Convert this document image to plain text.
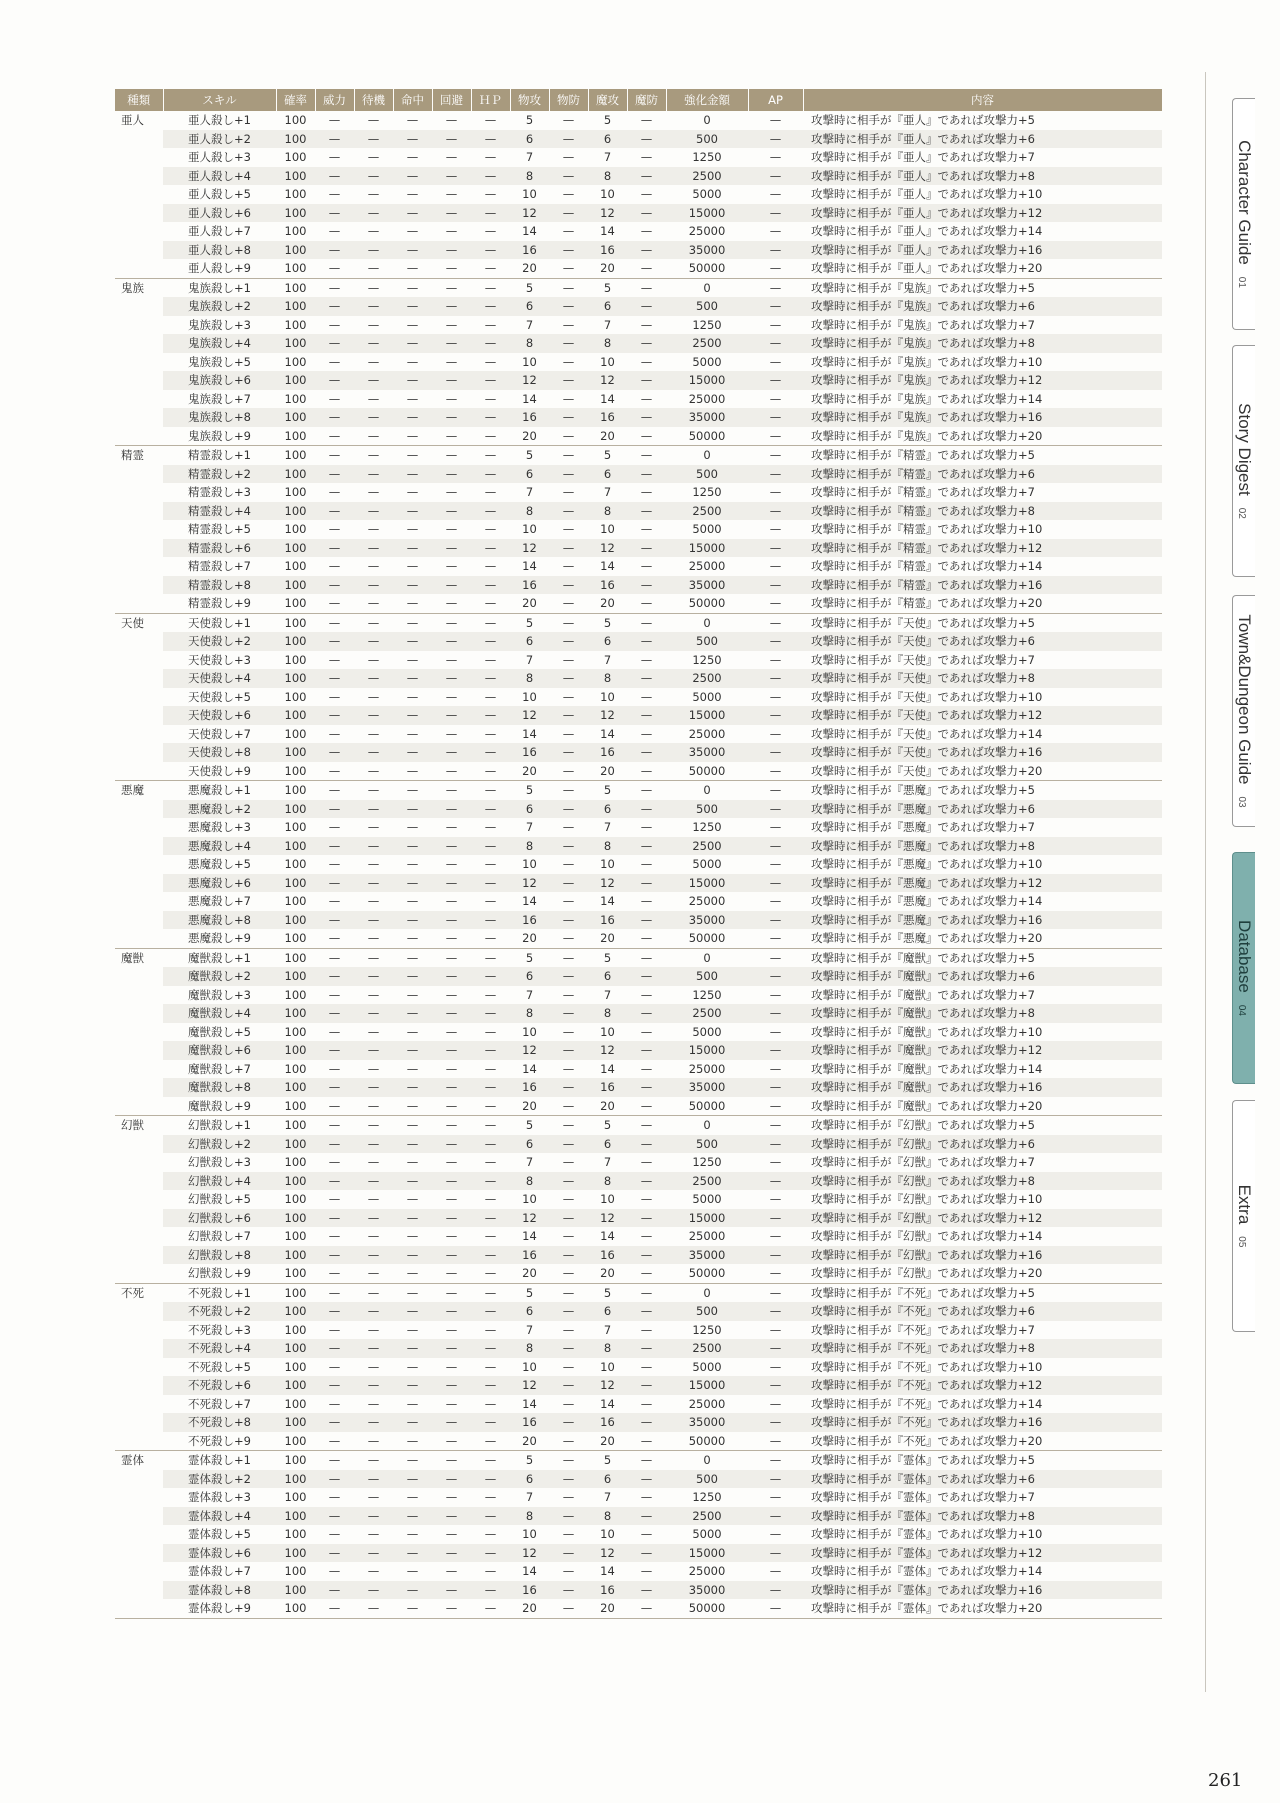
種類	スキル	確率	威力	待機	命中	回避	ＨＰ	物攻	物防	魔攻	魔防	強化金額	AP	内容
亜人	亜人殺し+1	100	—	—	—	—	—	5	—	5	—	0	—	攻撃時に相手が『亜人』であれば攻撃力+5
	亜人殺し+2	100	—	—	—	—	—	6	—	6	—	500	—	攻撃時に相手が『亜人』であれば攻撃力+6
	亜人殺し+3	100	—	—	—	—	—	7	—	7	—	1250	—	攻撃時に相手が『亜人』であれば攻撃力+7
	亜人殺し+4	100	—	—	—	—	—	8	—	8	—	2500	—	攻撃時に相手が『亜人』であれば攻撃力+8
	亜人殺し+5	100	—	—	—	—	—	10	—	10	—	5000	—	攻撃時に相手が『亜人』であれば攻撃力+10
	亜人殺し+6	100	—	—	—	—	—	12	—	12	—	15000	—	攻撃時に相手が『亜人』であれば攻撃力+12
	亜人殺し+7	100	—	—	—	—	—	14	—	14	—	25000	—	攻撃時に相手が『亜人』であれば攻撃力+14
	亜人殺し+8	100	—	—	—	—	—	16	—	16	—	35000	—	攻撃時に相手が『亜人』であれば攻撃力+16
	亜人殺し+9	100	—	—	—	—	—	20	—	20	—	50000	—	攻撃時に相手が『亜人』であれば攻撃力+20
鬼族	鬼族殺し+1	100	—	—	—	—	—	5	—	5	—	0	—	攻撃時に相手が『鬼族』であれば攻撃力+5
	鬼族殺し+2	100	—	—	—	—	—	6	—	6	—	500	—	攻撃時に相手が『鬼族』であれば攻撃力+6
	鬼族殺し+3	100	—	—	—	—	—	7	—	7	—	1250	—	攻撃時に相手が『鬼族』であれば攻撃力+7
	鬼族殺し+4	100	—	—	—	—	—	8	—	8	—	2500	—	攻撃時に相手が『鬼族』であれば攻撃力+8
	鬼族殺し+5	100	—	—	—	—	—	10	—	10	—	5000	—	攻撃時に相手が『鬼族』であれば攻撃力+10
	鬼族殺し+6	100	—	—	—	—	—	12	—	12	—	15000	—	攻撃時に相手が『鬼族』であれば攻撃力+12
	鬼族殺し+7	100	—	—	—	—	—	14	—	14	—	25000	—	攻撃時に相手が『鬼族』であれば攻撃力+14
	鬼族殺し+8	100	—	—	—	—	—	16	—	16	—	35000	—	攻撃時に相手が『鬼族』であれば攻撃力+16
	鬼族殺し+9	100	—	—	—	—	—	20	—	20	—	50000	—	攻撃時に相手が『鬼族』であれば攻撃力+20
精霊	精霊殺し+1	100	—	—	—	—	—	5	—	5	—	0	—	攻撃時に相手が『精霊』であれば攻撃力+5
	精霊殺し+2	100	—	—	—	—	—	6	—	6	—	500	—	攻撃時に相手が『精霊』であれば攻撃力+6
	精霊殺し+3	100	—	—	—	—	—	7	—	7	—	1250	—	攻撃時に相手が『精霊』であれば攻撃力+7
	精霊殺し+4	100	—	—	—	—	—	8	—	8	—	2500	—	攻撃時に相手が『精霊』であれば攻撃力+8
	精霊殺し+5	100	—	—	—	—	—	10	—	10	—	5000	—	攻撃時に相手が『精霊』であれば攻撃力+10
	精霊殺し+6	100	—	—	—	—	—	12	—	12	—	15000	—	攻撃時に相手が『精霊』であれば攻撃力+12
	精霊殺し+7	100	—	—	—	—	—	14	—	14	—	25000	—	攻撃時に相手が『精霊』であれば攻撃力+14
	精霊殺し+8	100	—	—	—	—	—	16	—	16	—	35000	—	攻撃時に相手が『精霊』であれば攻撃力+16
	精霊殺し+9	100	—	—	—	—	—	20	—	20	—	50000	—	攻撃時に相手が『精霊』であれば攻撃力+20
天使	天使殺し+1	100	—	—	—	—	—	5	—	5	—	0	—	攻撃時に相手が『天使』であれば攻撃力+5
	天使殺し+2	100	—	—	—	—	—	6	—	6	—	500	—	攻撃時に相手が『天使』であれば攻撃力+6
	天使殺し+3	100	—	—	—	—	—	7	—	7	—	1250	—	攻撃時に相手が『天使』であれば攻撃力+7
	天使殺し+4	100	—	—	—	—	—	8	—	8	—	2500	—	攻撃時に相手が『天使』であれば攻撃力+8
	天使殺し+5	100	—	—	—	—	—	10	—	10	—	5000	—	攻撃時に相手が『天使』であれば攻撃力+10
	天使殺し+6	100	—	—	—	—	—	12	—	12	—	15000	—	攻撃時に相手が『天使』であれば攻撃力+12
	天使殺し+7	100	—	—	—	—	—	14	—	14	—	25000	—	攻撃時に相手が『天使』であれば攻撃力+14
	天使殺し+8	100	—	—	—	—	—	16	—	16	—	35000	—	攻撃時に相手が『天使』であれば攻撃力+16
	天使殺し+9	100	—	—	—	—	—	20	—	20	—	50000	—	攻撃時に相手が『天使』であれば攻撃力+20
悪魔	悪魔殺し+1	100	—	—	—	—	—	5	—	5	—	0	—	攻撃時に相手が『悪魔』であれば攻撃力+5
	悪魔殺し+2	100	—	—	—	—	—	6	—	6	—	500	—	攻撃時に相手が『悪魔』であれば攻撃力+6
	悪魔殺し+3	100	—	—	—	—	—	7	—	7	—	1250	—	攻撃時に相手が『悪魔』であれば攻撃力+7
	悪魔殺し+4	100	—	—	—	—	—	8	—	8	—	2500	—	攻撃時に相手が『悪魔』であれば攻撃力+8
	悪魔殺し+5	100	—	—	—	—	—	10	—	10	—	5000	—	攻撃時に相手が『悪魔』であれば攻撃力+10
	悪魔殺し+6	100	—	—	—	—	—	12	—	12	—	15000	—	攻撃時に相手が『悪魔』であれば攻撃力+12
	悪魔殺し+7	100	—	—	—	—	—	14	—	14	—	25000	—	攻撃時に相手が『悪魔』であれば攻撃力+14
	悪魔殺し+8	100	—	—	—	—	—	16	—	16	—	35000	—	攻撃時に相手が『悪魔』であれば攻撃力+16
	悪魔殺し+9	100	—	—	—	—	—	20	—	20	—	50000	—	攻撃時に相手が『悪魔』であれば攻撃力+20
魔獣	魔獣殺し+1	100	—	—	—	—	—	5	—	5	—	0	—	攻撃時に相手が『魔獣』であれば攻撃力+5
	魔獣殺し+2	100	—	—	—	—	—	6	—	6	—	500	—	攻撃時に相手が『魔獣』であれば攻撃力+6
	魔獣殺し+3	100	—	—	—	—	—	7	—	7	—	1250	—	攻撃時に相手が『魔獣』であれば攻撃力+7
	魔獣殺し+4	100	—	—	—	—	—	8	—	8	—	2500	—	攻撃時に相手が『魔獣』であれば攻撃力+8
	魔獣殺し+5	100	—	—	—	—	—	10	—	10	—	5000	—	攻撃時に相手が『魔獣』であれば攻撃力+10
	魔獣殺し+6	100	—	—	—	—	—	12	—	12	—	15000	—	攻撃時に相手が『魔獣』であれば攻撃力+12
	魔獣殺し+7	100	—	—	—	—	—	14	—	14	—	25000	—	攻撃時に相手が『魔獣』であれば攻撃力+14
	魔獣殺し+8	100	—	—	—	—	—	16	—	16	—	35000	—	攻撃時に相手が『魔獣』であれば攻撃力+16
	魔獣殺し+9	100	—	—	—	—	—	20	—	20	—	50000	—	攻撃時に相手が『魔獣』であれば攻撃力+20
幻獣	幻獣殺し+1	100	—	—	—	—	—	5	—	5	—	0	—	攻撃時に相手が『幻獣』であれば攻撃力+5
	幻獣殺し+2	100	—	—	—	—	—	6	—	6	—	500	—	攻撃時に相手が『幻獣』であれば攻撃力+6
	幻獣殺し+3	100	—	—	—	—	—	7	—	7	—	1250	—	攻撃時に相手が『幻獣』であれば攻撃力+7
	幻獣殺し+4	100	—	—	—	—	—	8	—	8	—	2500	—	攻撃時に相手が『幻獣』であれば攻撃力+8
	幻獣殺し+5	100	—	—	—	—	—	10	—	10	—	5000	—	攻撃時に相手が『幻獣』であれば攻撃力+10
	幻獣殺し+6	100	—	—	—	—	—	12	—	12	—	15000	—	攻撃時に相手が『幻獣』であれば攻撃力+12
	幻獣殺し+7	100	—	—	—	—	—	14	—	14	—	25000	—	攻撃時に相手が『幻獣』であれば攻撃力+14
	幻獣殺し+8	100	—	—	—	—	—	16	—	16	—	35000	—	攻撃時に相手が『幻獣』であれば攻撃力+16
	幻獣殺し+9	100	—	—	—	—	—	20	—	20	—	50000	—	攻撃時に相手が『幻獣』であれば攻撃力+20
不死	不死殺し+1	100	—	—	—	—	—	5	—	5	—	0	—	攻撃時に相手が『不死』であれば攻撃力+5
	不死殺し+2	100	—	—	—	—	—	6	—	6	—	500	—	攻撃時に相手が『不死』であれば攻撃力+6
	不死殺し+3	100	—	—	—	—	—	7	—	7	—	1250	—	攻撃時に相手が『不死』であれば攻撃力+7
	不死殺し+4	100	—	—	—	—	—	8	—	8	—	2500	—	攻撃時に相手が『不死』であれば攻撃力+8
	不死殺し+5	100	—	—	—	—	—	10	—	10	—	5000	—	攻撃時に相手が『不死』であれば攻撃力+10
	不死殺し+6	100	—	—	—	—	—	12	—	12	—	15000	—	攻撃時に相手が『不死』であれば攻撃力+12
	不死殺し+7	100	—	—	—	—	—	14	—	14	—	25000	—	攻撃時に相手が『不死』であれば攻撃力+14
	不死殺し+8	100	—	—	—	—	—	16	—	16	—	35000	—	攻撃時に相手が『不死』であれば攻撃力+16
	不死殺し+9	100	—	—	—	—	—	20	—	20	—	50000	—	攻撃時に相手が『不死』であれば攻撃力+20
霊体	霊体殺し+1	100	—	—	—	—	—	5	—	5	—	0	—	攻撃時に相手が『霊体』であれば攻撃力+5
	霊体殺し+2	100	—	—	—	—	—	6	—	6	—	500	—	攻撃時に相手が『霊体』であれば攻撃力+6
	霊体殺し+3	100	—	—	—	—	—	7	—	7	—	1250	—	攻撃時に相手が『霊体』であれば攻撃力+7
	霊体殺し+4	100	—	—	—	—	—	8	—	8	—	2500	—	攻撃時に相手が『霊体』であれば攻撃力+8
	霊体殺し+5	100	—	—	—	—	—	10	—	10	—	5000	—	攻撃時に相手が『霊体』であれば攻撃力+10
	霊体殺し+6	100	—	—	—	—	—	12	—	12	—	15000	—	攻撃時に相手が『霊体』であれば攻撃力+12
	霊体殺し+7	100	—	—	—	—	—	14	—	14	—	25000	—	攻撃時に相手が『霊体』であれば攻撃力+14
	霊体殺し+8	100	—	—	—	—	—	16	—	16	—	35000	—	攻撃時に相手が『霊体』であれば攻撃力+16
	霊体殺し+9	100	—	—	—	—	—	20	—	20	—	50000	—	攻撃時に相手が『霊体』であれば攻撃力+20
Character Guide
01
Story Digest
02
Town&Dungeon Guide
03
Database
04
Extra
05
261
